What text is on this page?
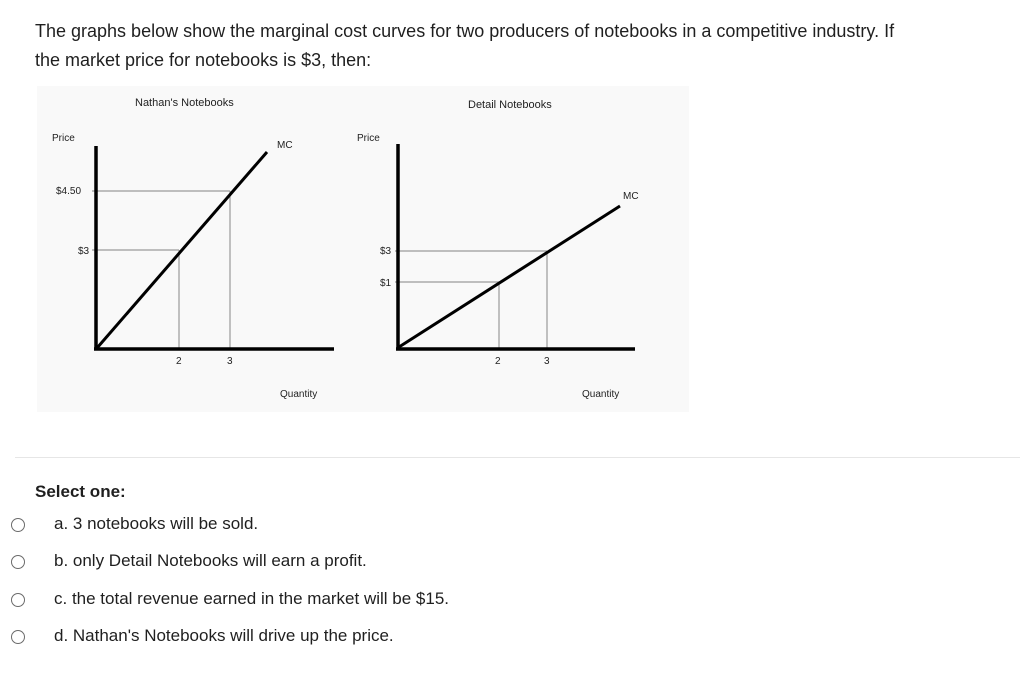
The graphs below show the marginal cost curves for two producers of notebooks in a competitive industry. If
the market price for notebooks is $3, then:
Nathan's Notebooks
Price
MC
$4.50
$3
2	3
Quantity
Detail Notebooks
Price
MC
$3
$1
2	3
Quantity
Select one:
a. 3 notebooks will be sold.
b. only Detail Notebooks will earn a profit.
c. the total revenue earned in the market will be $15.
d. Nathan's Notebooks will drive up the price.
